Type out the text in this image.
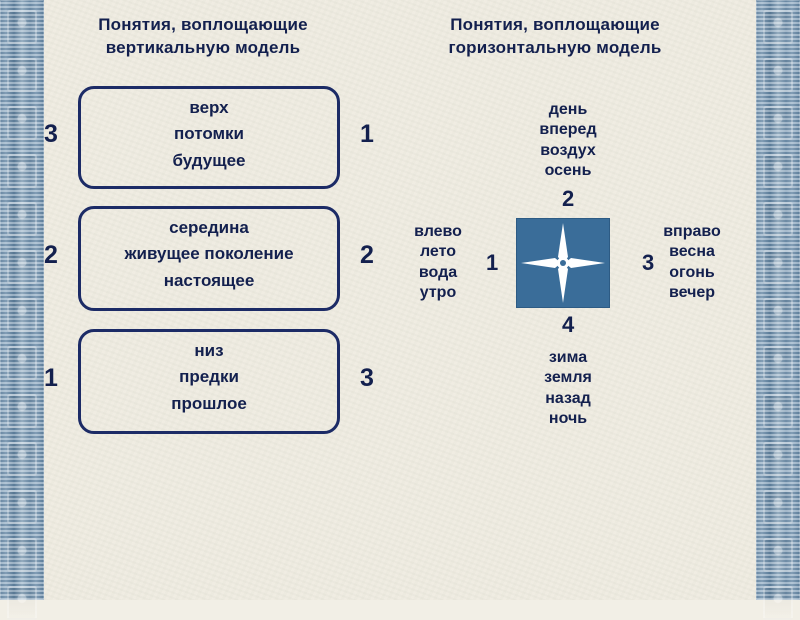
Понятия, воплощающие
вертикальную модель
Понятия, воплощающие
горизонтальную модель
3
2
1
верх
потомки
будущее
середина
живущее поколение
настоящее
низ
предки
прошлое
1
2
3
день
вперед
воздух
осень
2
влево
лето
вода
утро
1	3
вправо
весна
огонь
вечер
4
зима
земля
назад
ночь
